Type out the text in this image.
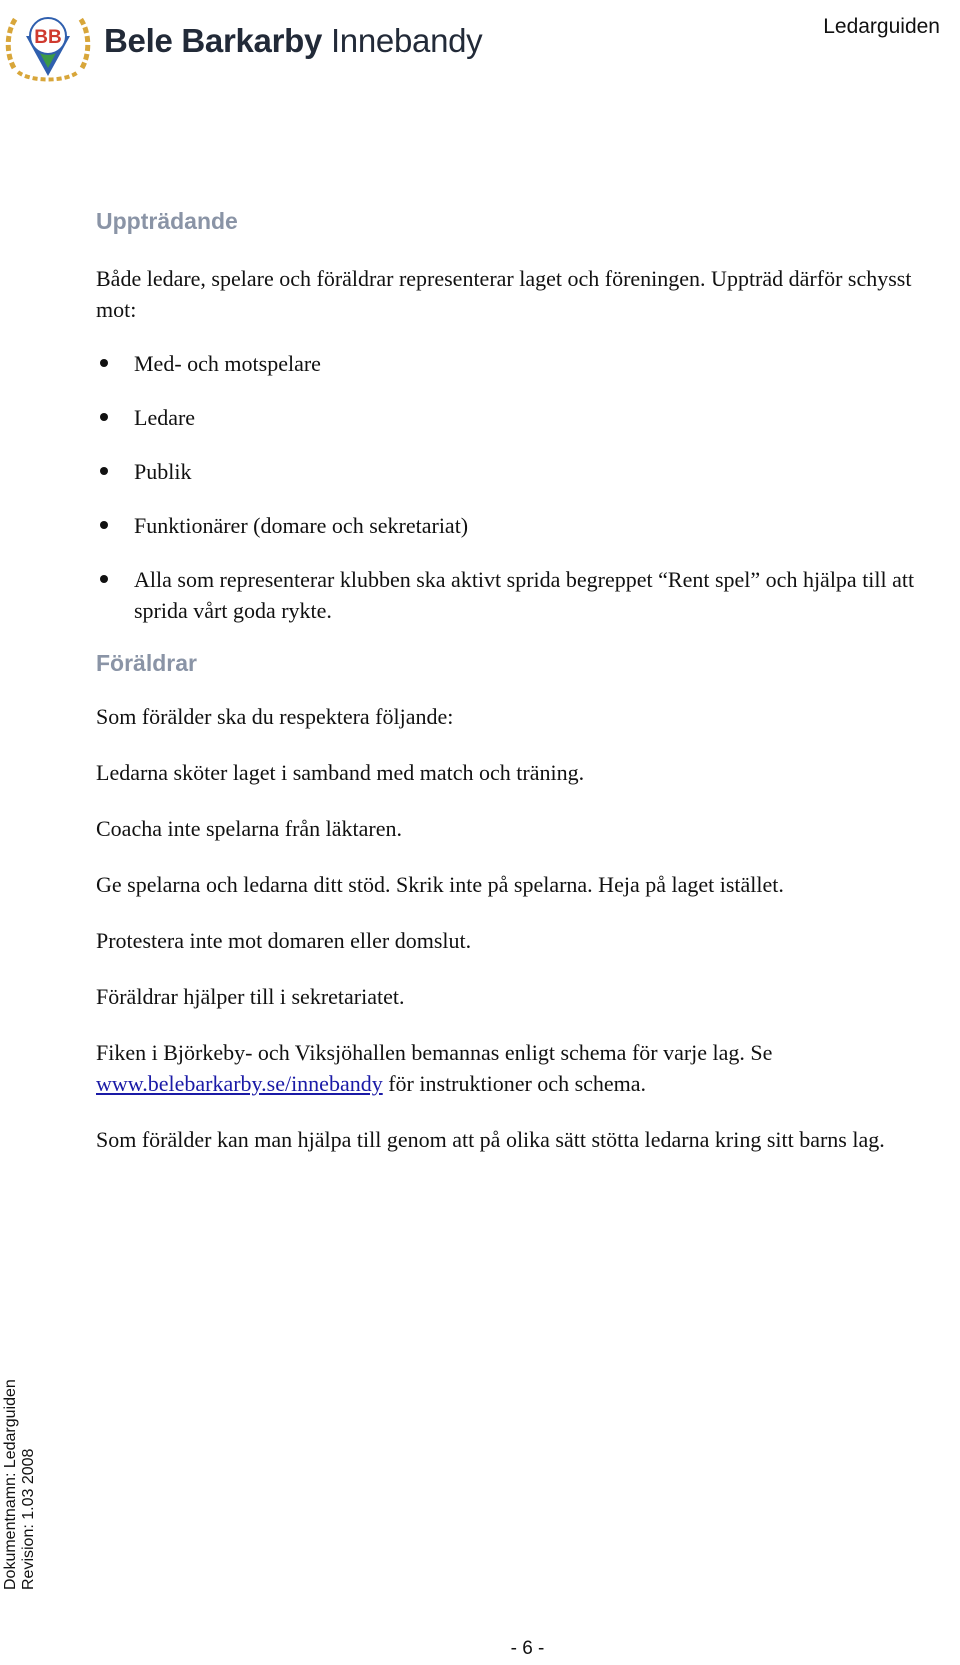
BB Bele Barkarby Innebandy	Ledarguiden
Uppträdande

Både ledare, spelare och föräldrar representerar laget och föreningen. Uppträd därför schysst mot:

Med- och motspelare
Ledare
Publik
Funktionärer (domare och sekretariat)
Alla som representerar klubben ska aktivt sprida begreppet “Rent spel” och hjälpa till att sprida vårt goda rykte.
Föräldrar

Som förälder ska du respektera följande:

Ledarna sköter laget i samband med match och träning.

Coacha inte spelarna från läktaren.

Ge spelarna och ledarna ditt stöd. Skrik inte på spelarna. Heja på laget istället.

Protestera inte mot domaren eller domslut.

Föräldrar hjälper till i sekretariatet.

Fiken i Björkeby- och Viksjöhallen bemannas enligt schema för varje lag. Se www.belebarkarby.se/innebandy för instruktioner och schema.

Som förälder kan man hjälpa till genom att på olika sätt stötta ledarna kring sitt barns lag.

Dokumentnamn: Ledarguiden Revision: 1.03 2008
- 6 -
